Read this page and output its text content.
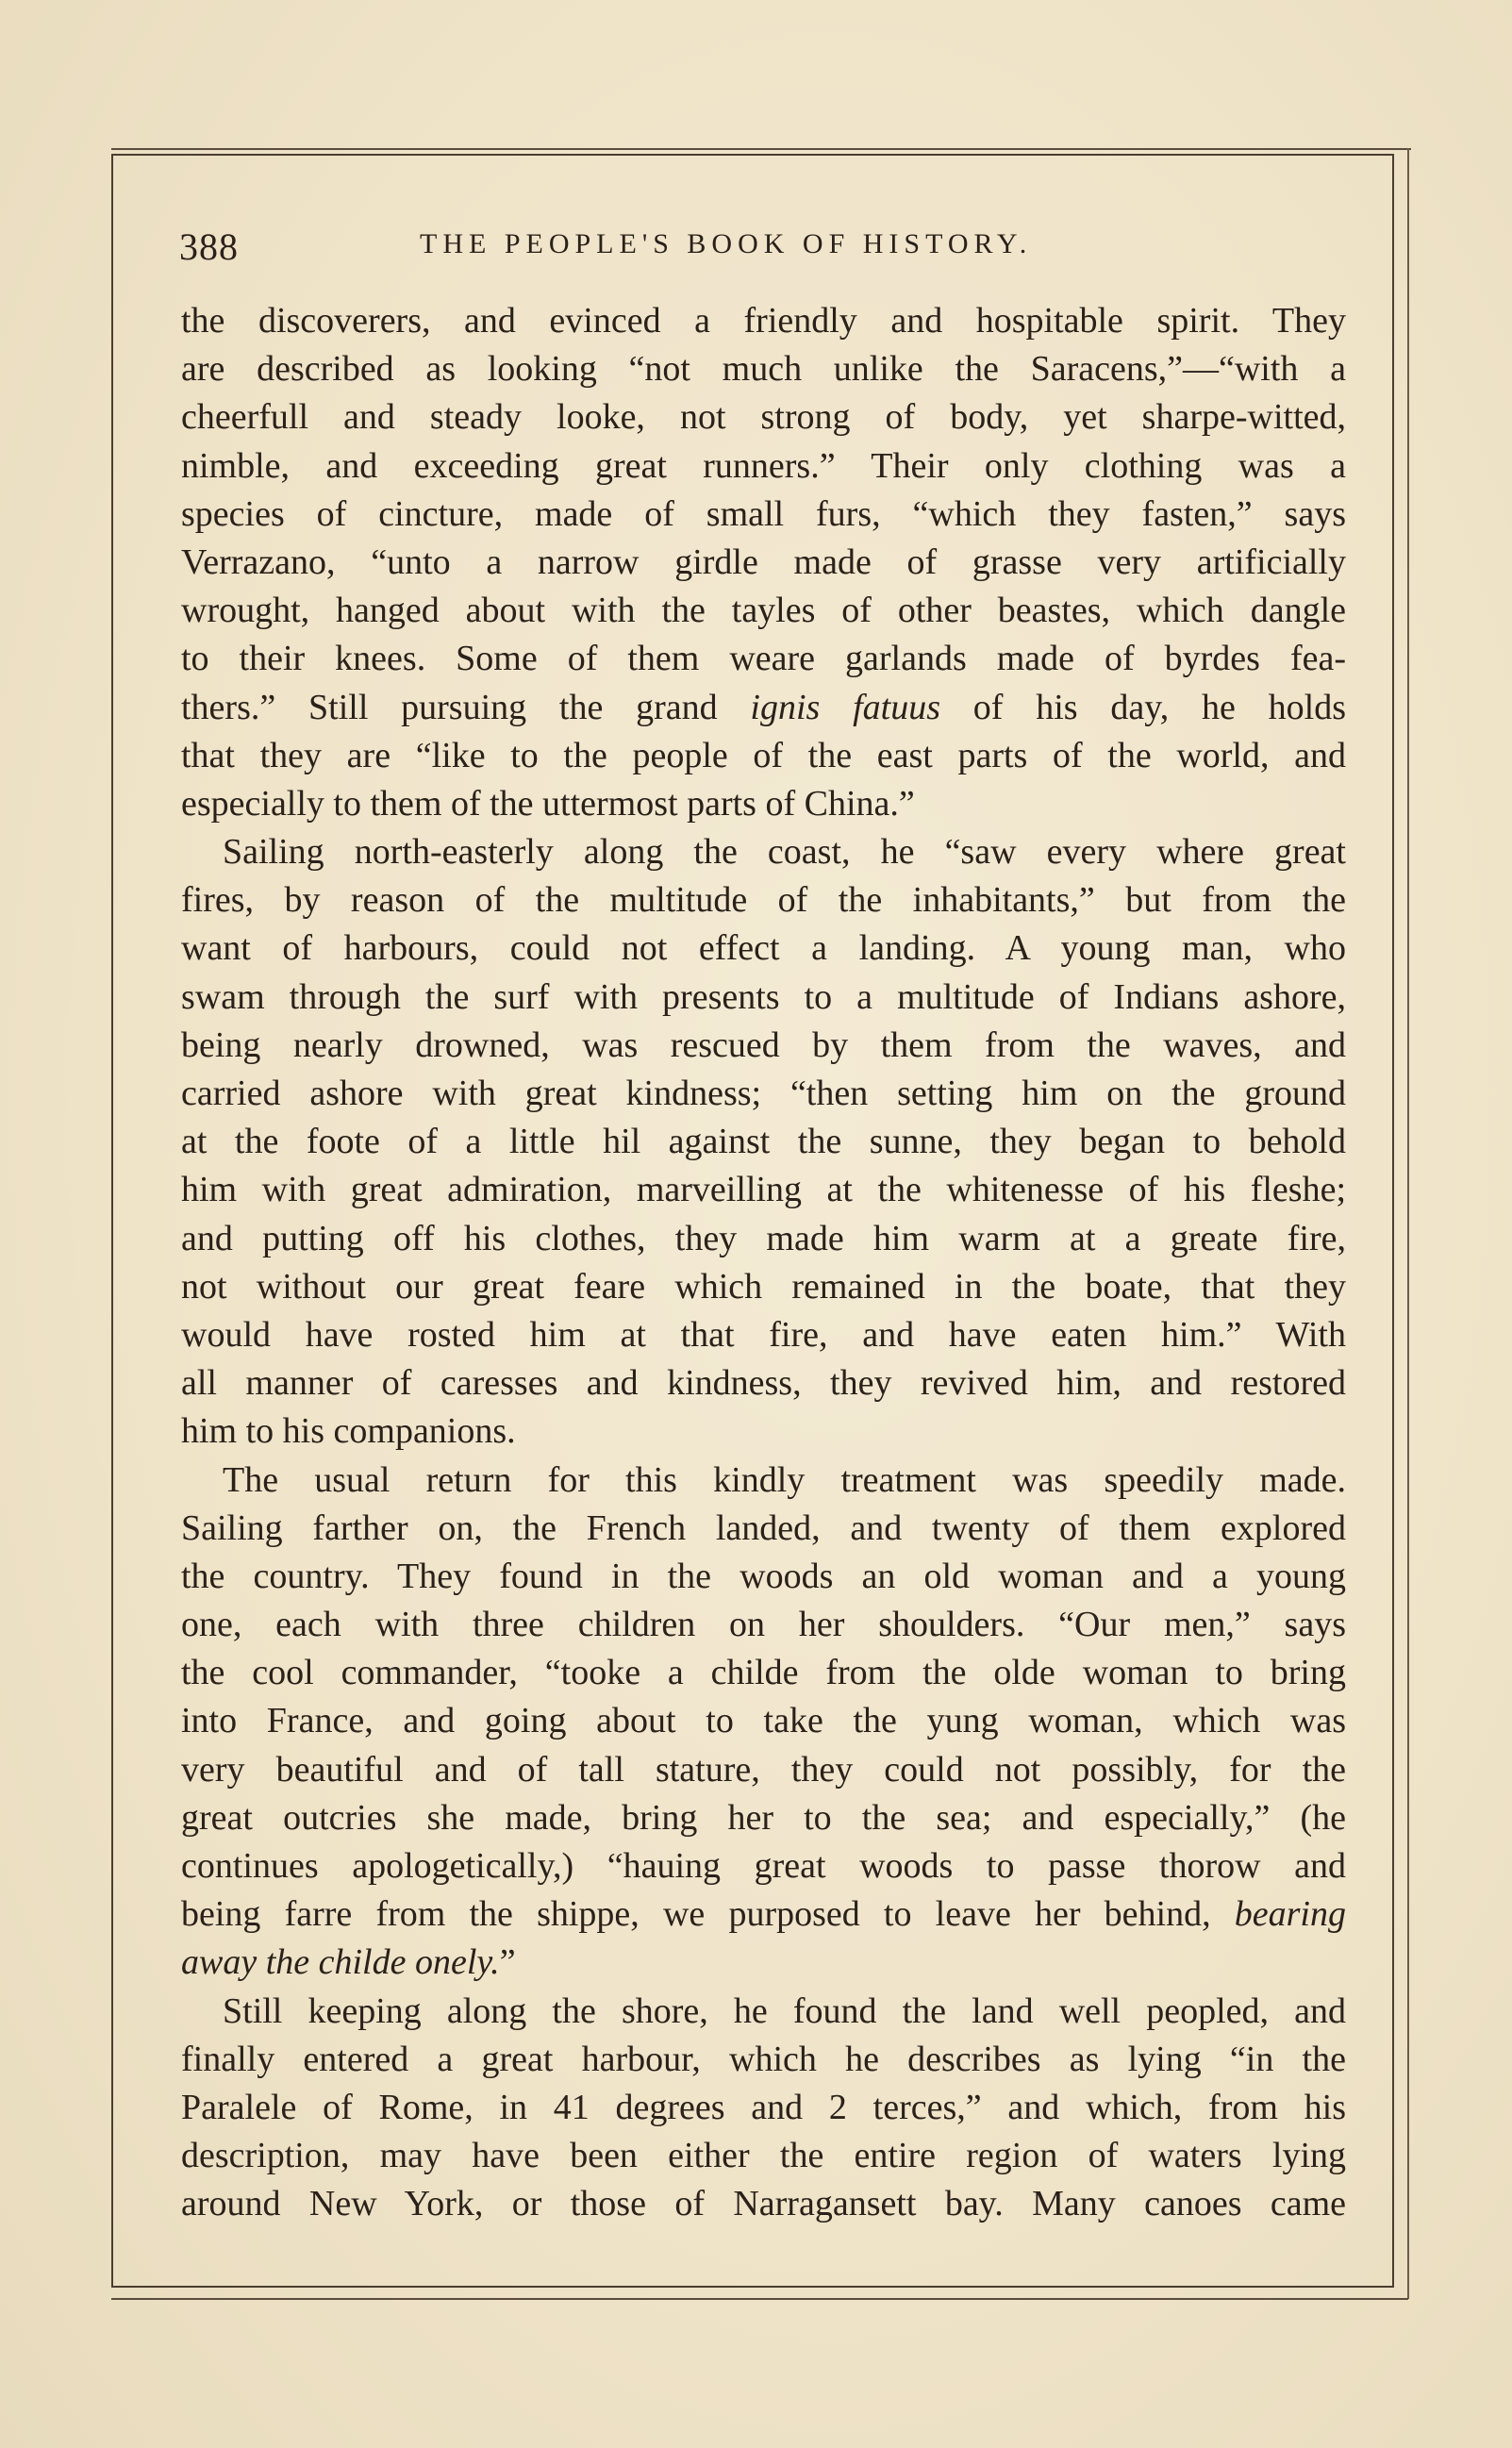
388	THE PEOPLE'S BOOK OF HISTORY.
the discoverers, and evinced a friendly and hospitable spirit. They
are described as looking “not much unlike the Saracens,”—“with a
cheerfull and steady looke, not strong of body, yet sharpe-witted,
nimble, and exceeding great runners.” Their only clothing was a
species of cincture, made of small furs, “which they fasten,” says
Verrazano, “unto a narrow girdle made of grasse very artificially
wrought, hanged about with the tayles of other beastes, which dangle
to their knees. Some of them weare garlands made of byrdes fea-
thers.” Still pursuing the grand ignis fatuus of his day, he holds
that they are “like to the people of the east parts of the world, and
especially to them of the uttermost parts of China.”
Sailing north-easterly along the coast, he “saw every where great
fires, by reason of the multitude of the inhabitants,” but from the
want of harbours, could not effect a landing. A young man, who
swam through the surf with presents to a multitude of Indians ashore,
being nearly drowned, was rescued by them from the waves, and
carried ashore with great kindness; “then setting him on the ground
at the foote of a little hil against the sunne, they began to behold
him with great admiration, marveilling at the whitenesse of his fleshe;
and putting off his clothes, they made him warm at a greate fire,
not without our great feare which remained in the boate, that they
would have rosted him at that fire, and have eaten him.” With
all manner of caresses and kindness, they revived him, and restored
him to his companions.
The usual return for this kindly treatment was speedily made.
Sailing farther on, the French landed, and twenty of them explored
the country. They found in the woods an old woman and a young
one, each with three children on her shoulders. “Our men,” says
the cool commander, “tooke a childe from the olde woman to bring
into France, and going about to take the yung woman, which was
very beautiful and of tall stature, they could not possibly, for the
great outcries she made, bring her to the sea; and especially,” (he
continues apologetically,) “hauing great woods to passe thorow and
being farre from the shippe, we purposed to leave her behind, bearing
away the childe onely.”
Still keeping along the shore, he found the land well peopled, and
finally entered a great harbour, which he describes as lying “in the
Paralele of Rome, in 41 degrees and 2 terces,” and which, from his
description, may have been either the entire region of waters lying
around New York, or those of Narragansett bay. Many canoes came
